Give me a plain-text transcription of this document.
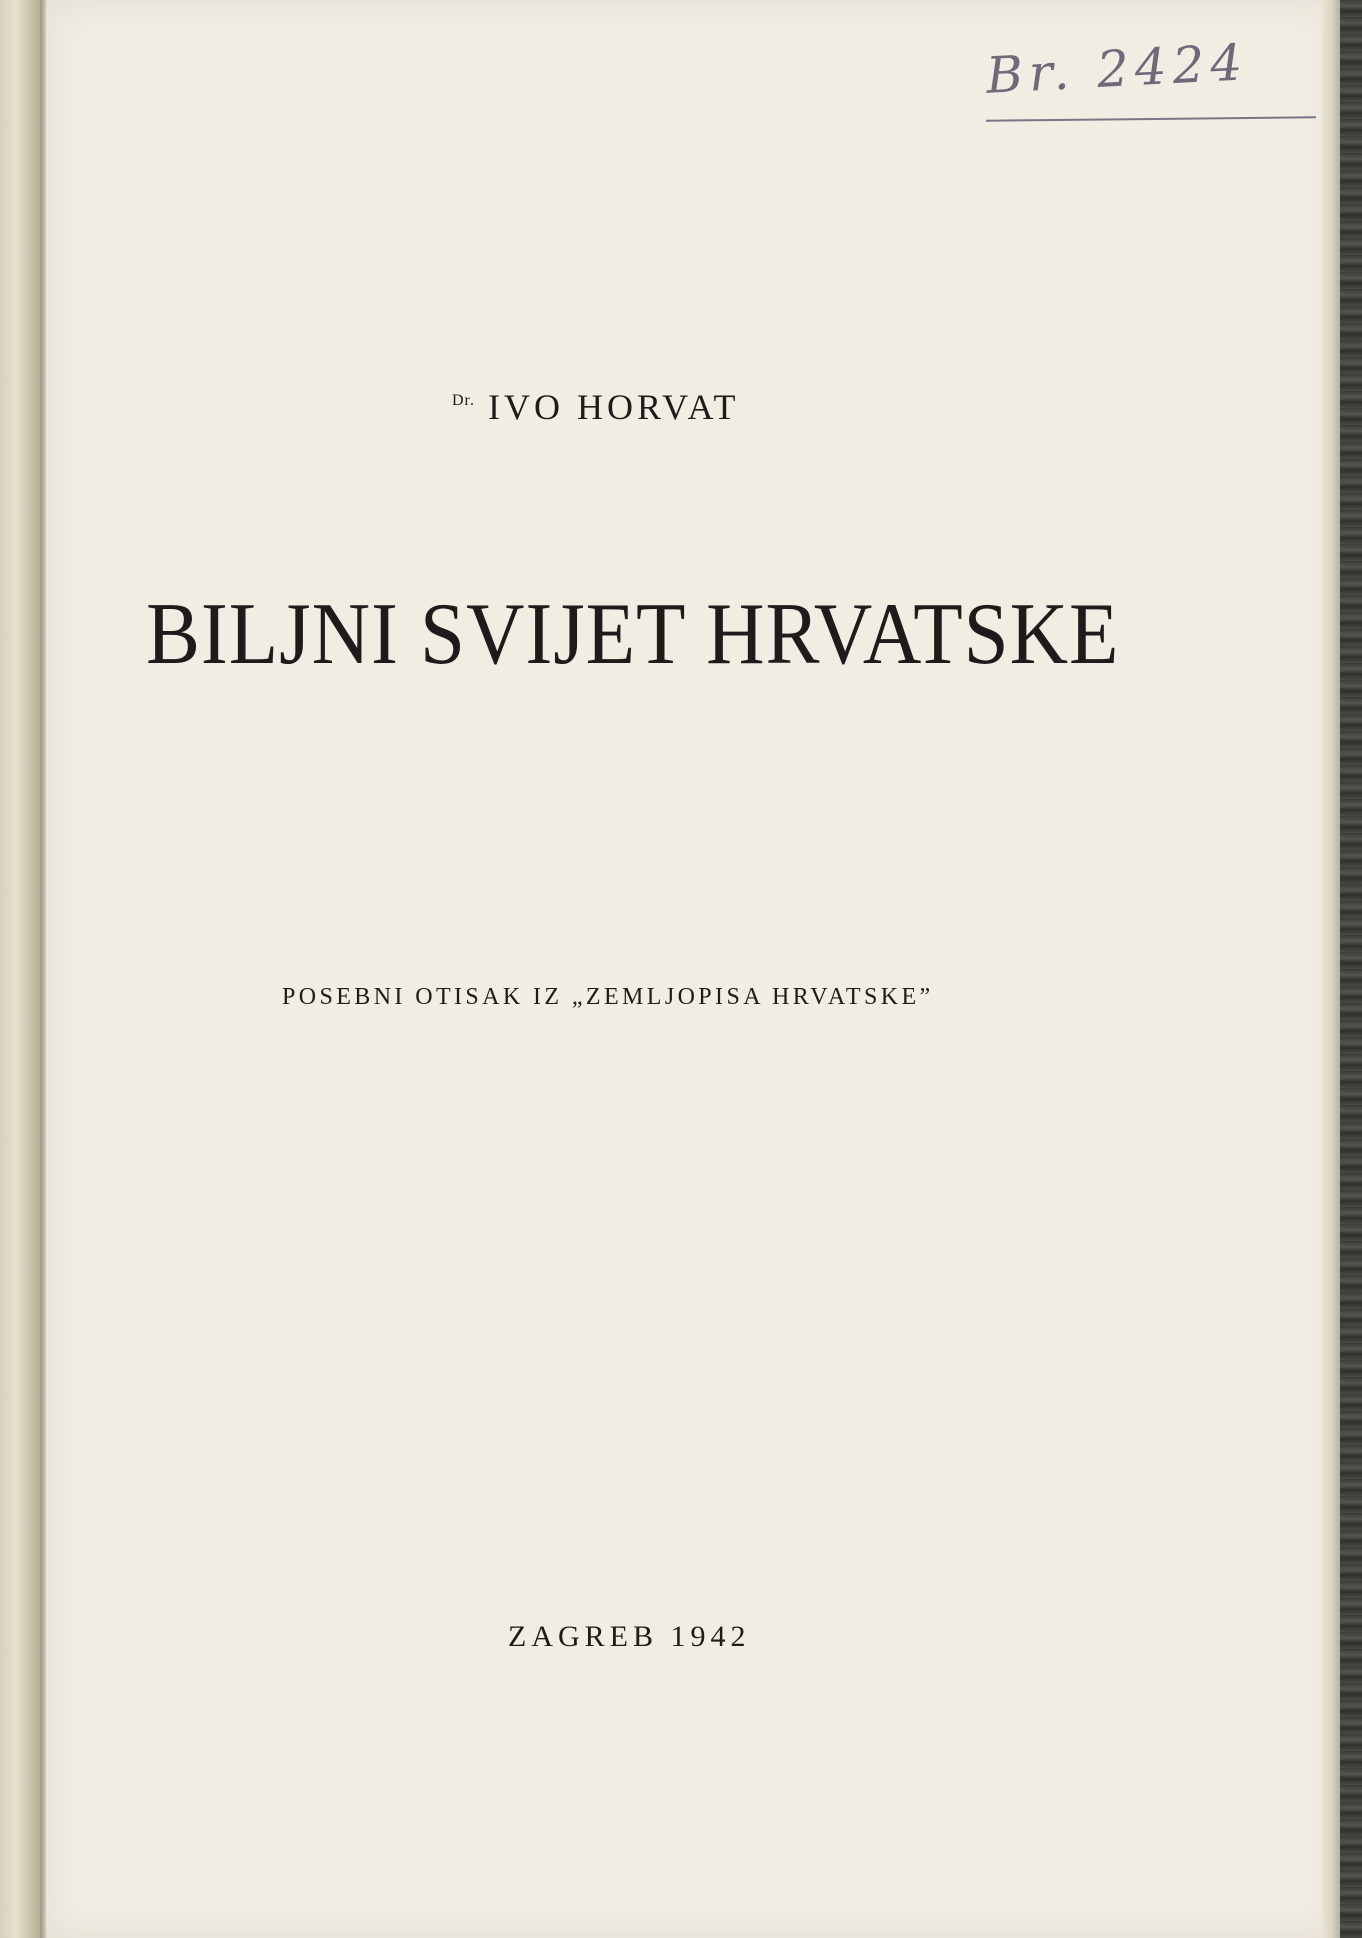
Br. 2424
$^{Dr.}$ IVO HORVAT
BILJNI SVIJET HRVATSKE
POSEBNI OTISAK IZ „ZEMLJOPISA HRVATSKE”
ZAGREB 1942
